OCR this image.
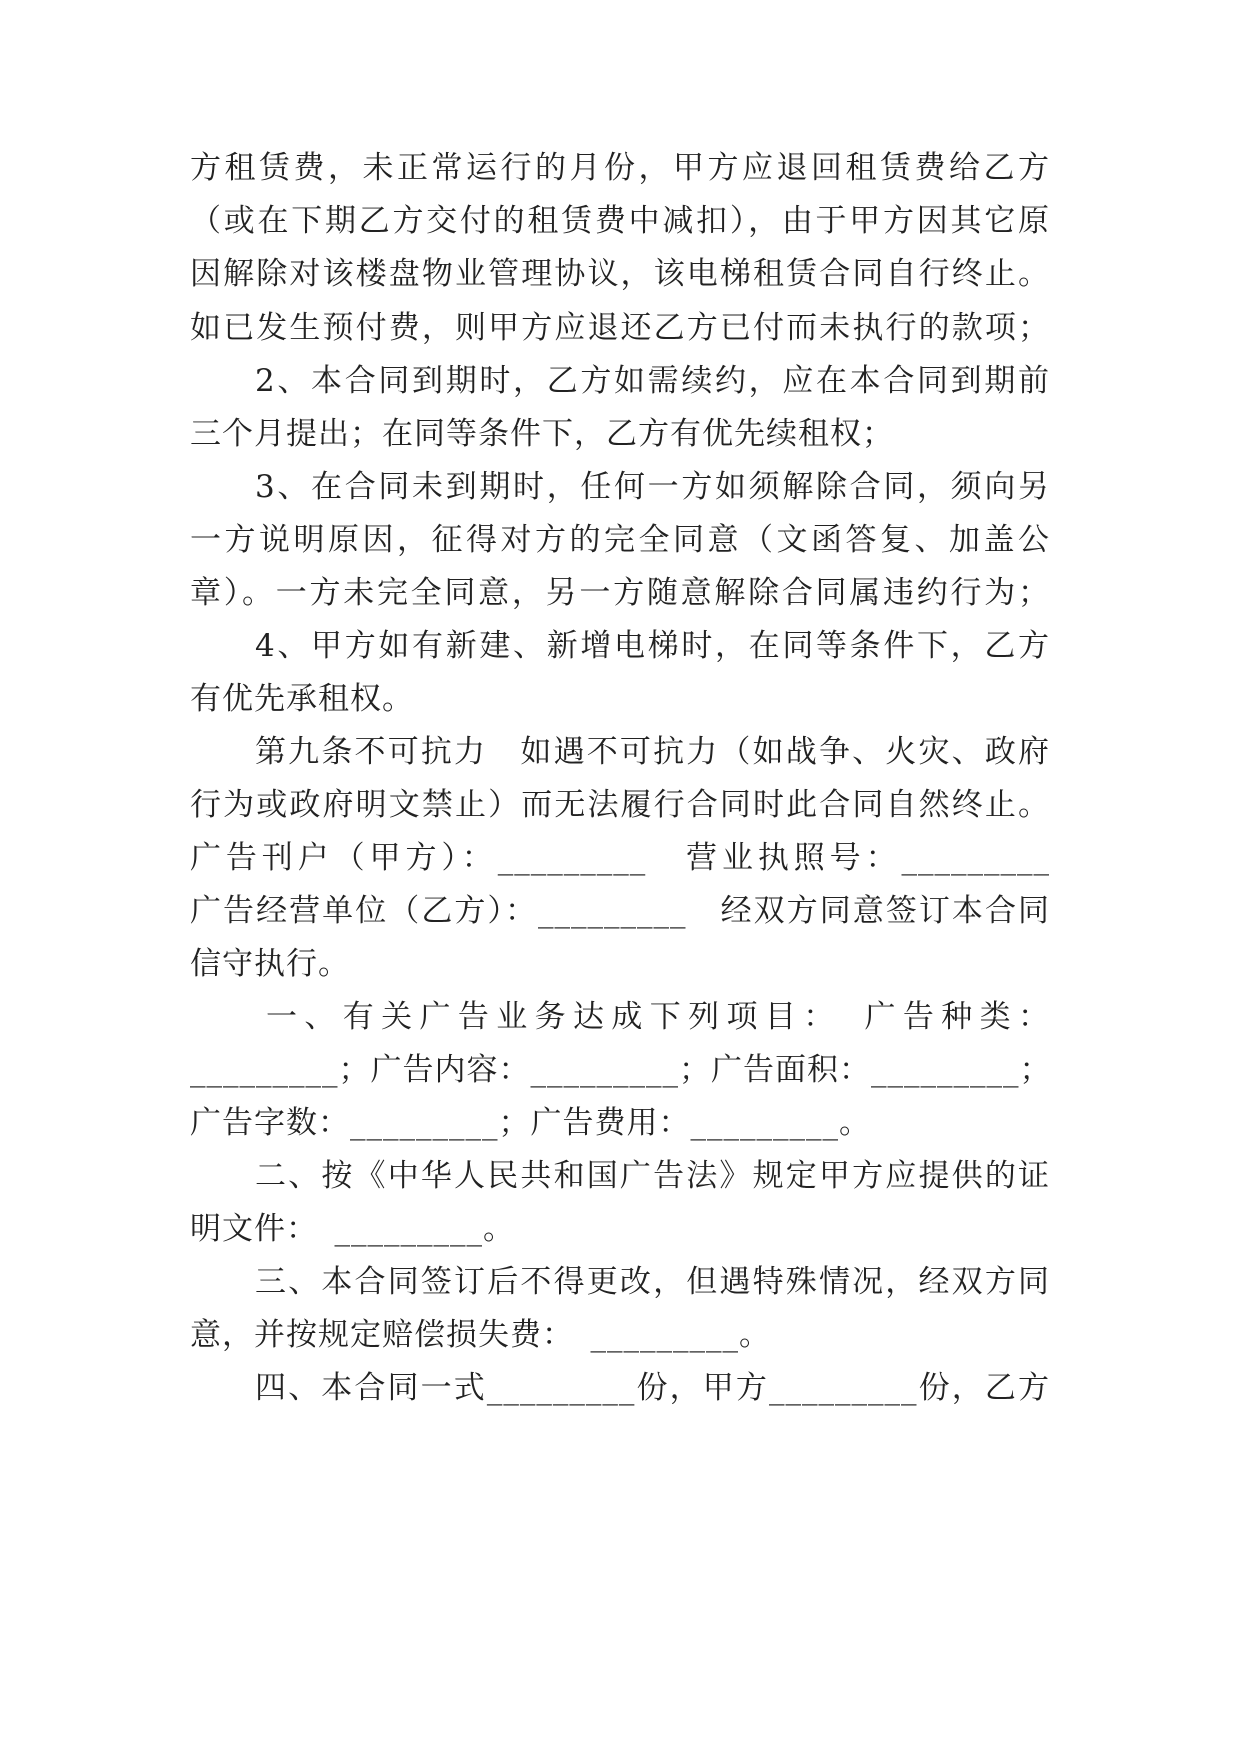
方租赁费，未正常运行的月份，甲方应退回租赁费给乙方
（或在下期乙方交付的租赁费中减扣），由于甲方因其它原
因解除对该楼盘物业管理协议，该电梯租赁合同自行终止。
如已发生预付费，则甲方应退还乙方已付而未执行的款项；
2、本合同到期时，乙方如需续约，应在本合同到期前
三个月提出；在同等条件下，乙方有优先续租权；
3、在合同未到期时，任何一方如须解除合同，须向另
一方说明原因，征得对方的完全同意（文函答复、加盖公
章）。一方未完全同意，另一方随意解除合同属违约行为；
4、甲方如有新建、新增电梯时，在同等条件下，乙方
有优先承租权。
第九条不可抗力　如遇不可抗力（如战争、火灾、政府
行为或政府明文禁止）而无法履行合同时此合同自然终止。
广告刊户（甲方）：_________　营业执照号：_________
广告经营单位（乙方）：_________　经双方同意签订本合同
信守执行。
一、有关广告业务达成下列项目：　广告种类：
_________；广告内容：_________；广告面积：_________；
广告字数：_________；广告费用：_________。
二、按《中华人民共和国广告法》规定甲方应提供的证
明文件：　_________。
三、本合同签订后不得更改，但遇特殊情况，经双方同
意，并按规定赔偿损失费：　_________。
四、本合同一式_________份，甲方_________份，乙方
